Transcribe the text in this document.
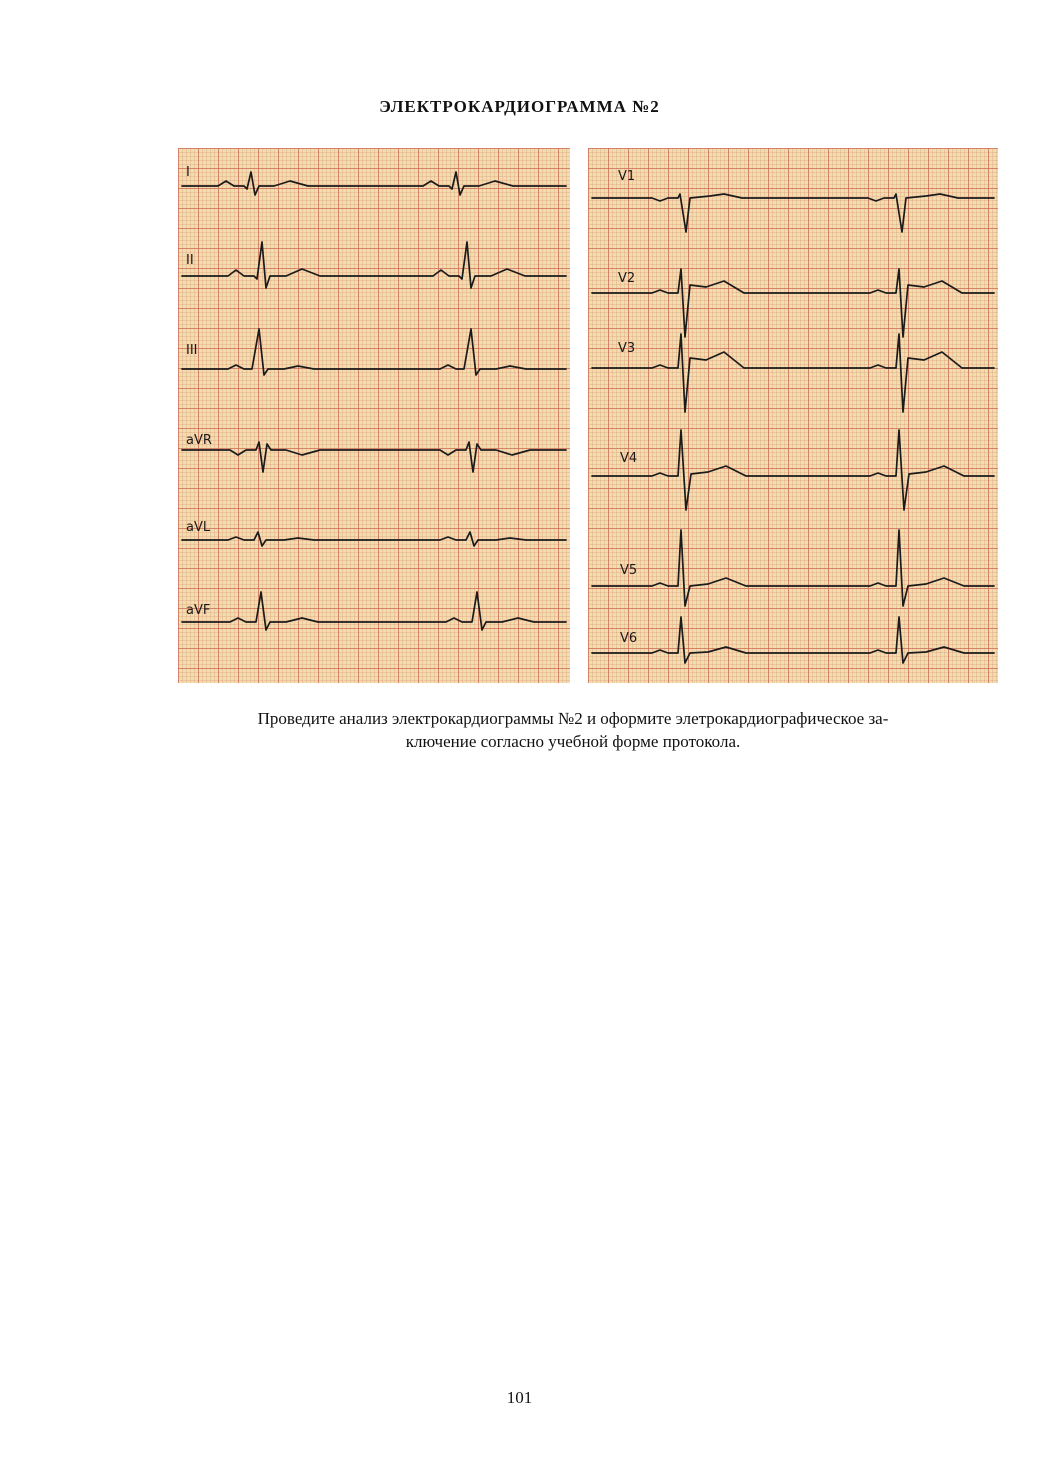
ЭЛЕКТРОКАРДИОГРАММА №2
I
II
III
aVR
aVL
aVF
V1
V2
V3
V4
V5
V6
Проведите анализ электрокардиограммы №2 и оформите элетрокардиографическое за-
ключение согласно учебной форме протокола.
101
